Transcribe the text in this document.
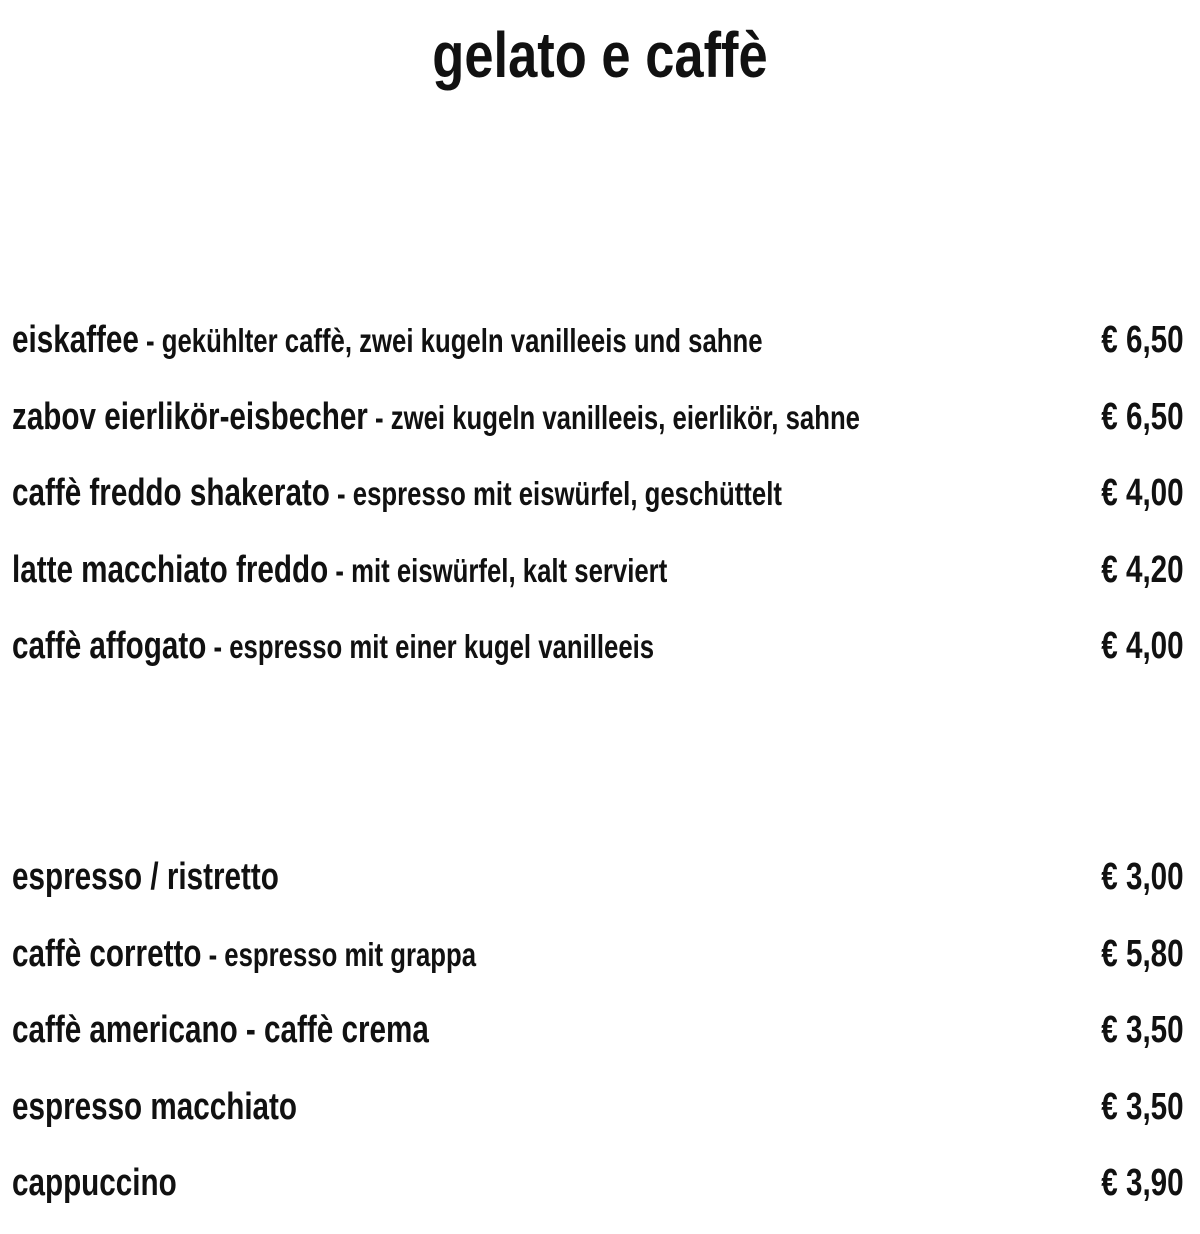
gelato e caffè
eiskaffee - gekühlter caffè, zwei kugeln vanilleeis und sahne	€ 6,50
zabov eierlikör-eisbecher - zwei kugeln vanilleeis, eierlikör, sahne	€ 6,50
caffè freddo shakerato - espresso mit eiswürfel, geschüttelt	€ 4,00
latte macchiato freddo - mit eiswürfel, kalt serviert	€ 4,20
caffè affogato - espresso mit einer kugel vanilleeis	€ 4,00
espresso / ristretto	€ 3,00
caffè corretto - espresso mit grappa	€ 5,80
caffè americano - caffè crema	€ 3,50
espresso macchiato	€ 3,50
cappuccino	€ 3,90
